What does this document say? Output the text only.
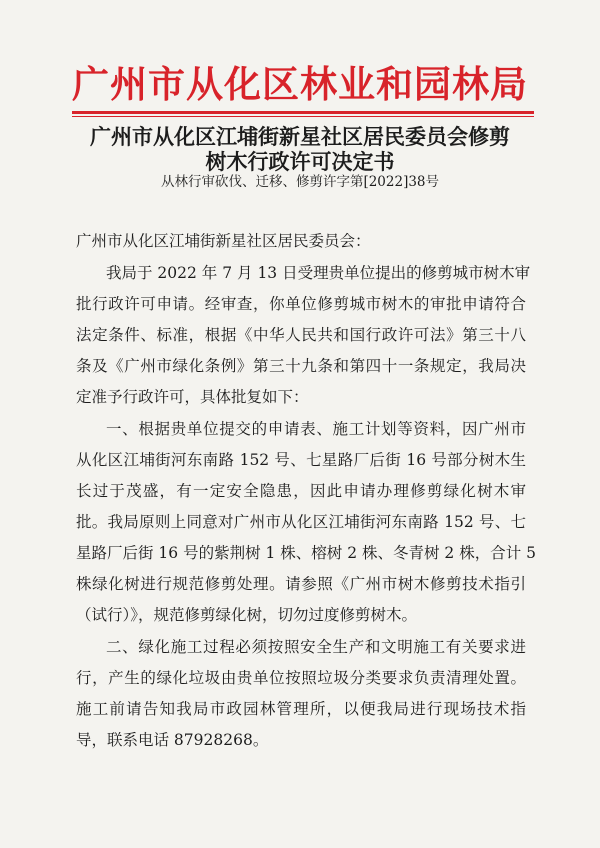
广州市从化区林业和园林局
广州市从化区江埔街新星社区居民委员会修剪
树木行政许可决定书
从林行审砍伐、迁移、修剪许字第[2022]38号
广州市从化区江埔街新星社区居民委员会：
我局于 2022 年 7 月 13 日受理贵单位提出的修剪城市树木审
批行政许可申请。经审查，你单位修剪城市树木的审批申请符合
法定条件、标准，根据《中华人民共和国行政许可法》第三十八
条及《广州市绿化条例》第三十九条和第四十一条规定，我局决
定准予行政许可，具体批复如下：
一、根据贵单位提交的申请表、施工计划等资料，因广州市
从化区江埔街河东南路 152 号、七星路厂后街 16 号部分树木生
长过于茂盛，有一定安全隐患，因此申请办理修剪绿化树木审
批。我局原则上同意对广州市从化区江埔街河东南路 152 号、七
星路厂后街 16 号的紫荆树 1 株、榕树 2 株、冬青树 2 株，合计 5
株绿化树进行规范修剪处理。请参照《广州市树木修剪技术指引
（试行）》，规范修剪绿化树，切勿过度修剪树木。
二、绿化施工过程必须按照安全生产和文明施工有关要求进
行，产生的绿化垃圾由贵单位按照垃圾分类要求负责清理处置。
施工前请告知我局市政园林管理所，以便我局进行现场技术指
导，联系电话 87928268。
